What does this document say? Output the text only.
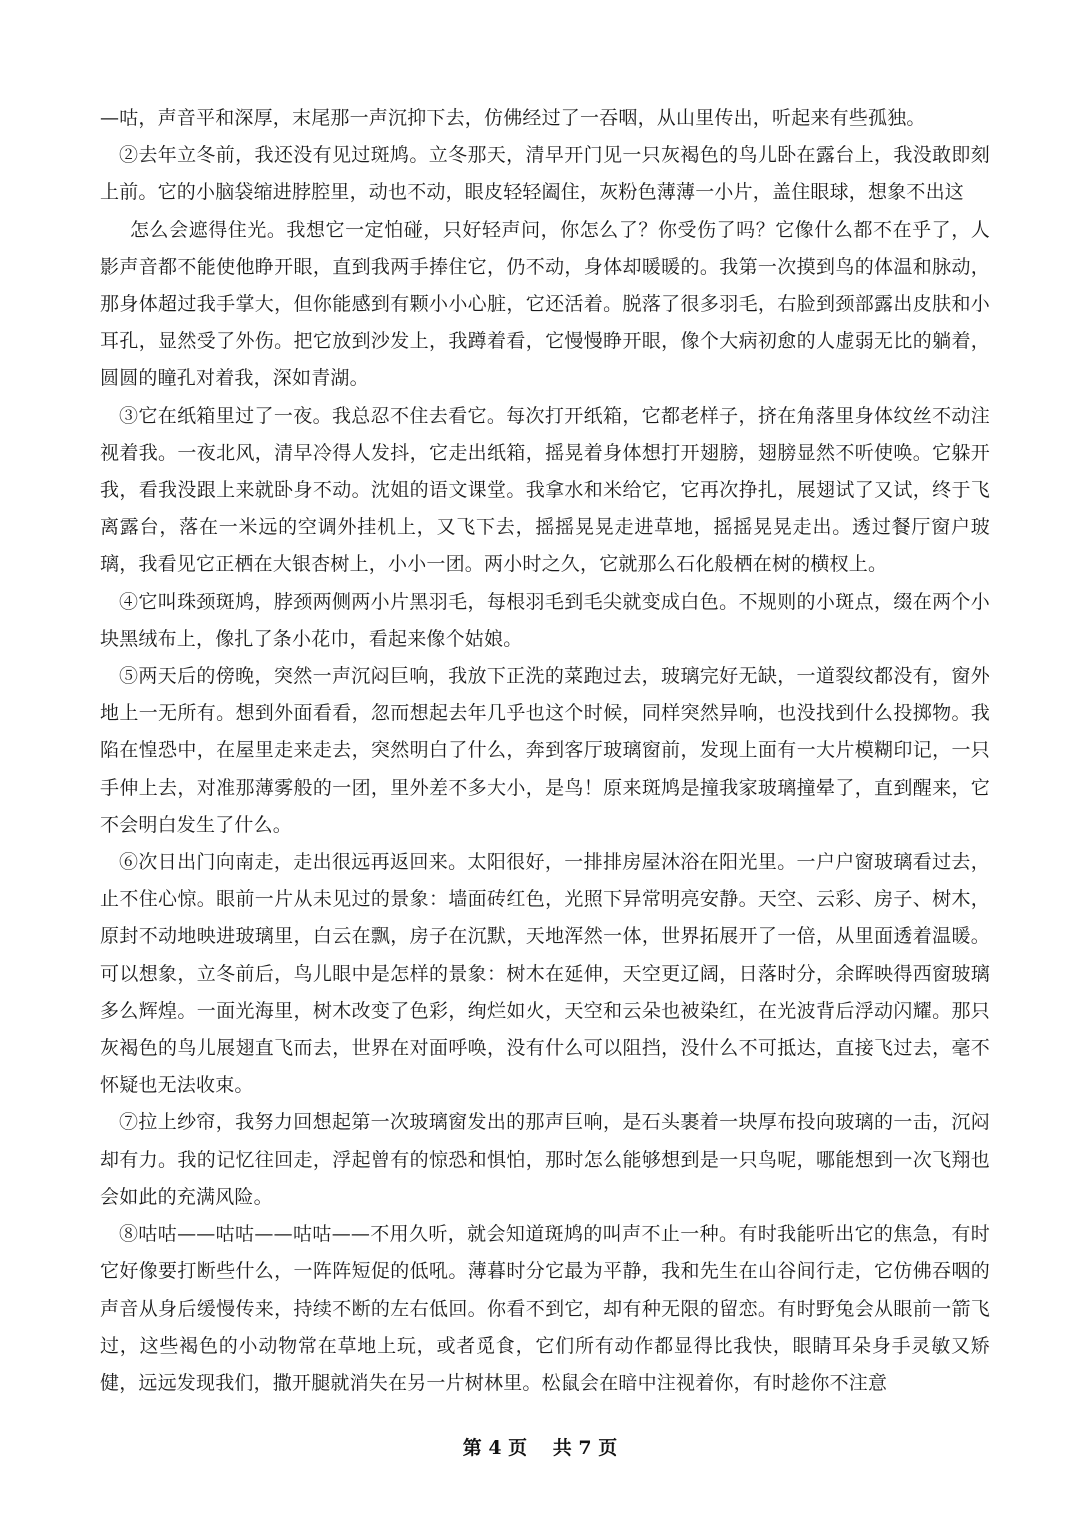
—咕，声音平和深厚，末尾那一声沉抑下去，仿佛经过了一吞咽，从山里传出，听起来有些孤独。

②去年立冬前，我还没有见过斑鸠。立冬那天，清早开门见一只灰褐色的鸟儿卧在露台上，我没敢即刻上前。它的小脑袋缩进脖腔里，动也不动，眼皮轻轻阖住，灰粉色薄薄一小片，盖住眼球，想象不出这

怎么会遮得住光。我想它一定怕碰，只好轻声问，你怎么了？你受伤了吗？它像什么都不在乎了，人影声音都不能使他睁开眼，直到我两手捧住它，仍不动，身体却暖暖的。我第一次摸到鸟的体温和脉动，那身体超过我手掌大，但你能感到有颗小小心脏，它还活着。脱落了很多羽毛，右脸到颈部露出皮肤和小耳孔，显然受了外伤。把它放到沙发上，我蹲着看，它慢慢睁开眼，像个大病初愈的人虚弱无比的躺着，圆圆的瞳孔对着我，深如青湖。

③它在纸箱里过了一夜。我总忍不住去看它。每次打开纸箱，它都老样子，挤在角落里身体纹丝不动注视着我。一夜北风，清早冷得人发抖，它走出纸箱，摇晃着身体想打开翅膀，翅膀显然不听使唤。它躲开我，看我没跟上来就卧身不动。沈姐的语文课堂。我拿水和米给它，它再次挣扎，展翅试了又试，终于飞离露台，落在一米远的空调外挂机上，又飞下去，摇摇晃晃走进草地，摇摇晃晃走出。透过餐厅窗户玻璃，我看见它正栖在大银杏树上，小小一团。两小时之久，它就那么石化般栖在树的横杈上。

④它叫珠颈斑鸠，脖颈两侧两小片黑羽毛，每根羽毛到毛尖就变成白色。不规则的小斑点，缀在两个小块黑绒布上，像扎了条小花巾，看起来像个姑娘。

⑤两天后的傍晚，突然一声沉闷巨响，我放下正洗的菜跑过去，玻璃完好无缺，一道裂纹都没有，窗外地上一无所有。想到外面看看，忽而想起去年几乎也这个时候，同样突然异响，也没找到什么投掷物。我陷在惶恐中，在屋里走来走去，突然明白了什么，奔到客厅玻璃窗前，发现上面有一大片模糊印记，一只手伸上去，对准那薄雾般的一团，里外差不多大小，是鸟！原来斑鸠是撞我家玻璃撞晕了，直到醒来，它不会明白发生了什么。

⑥次日出门向南走，走出很远再返回来。太阳很好，一排排房屋沐浴在阳光里。一户户窗玻璃看过去，止不住心惊。眼前一片从未见过的景象：墙面砖红色，光照下异常明亮安静。天空、云彩、房子、树木，原封不动地映进玻璃里，白云在飘，房子在沉默，天地浑然一体，世界拓展开了一倍，从里面透着温暖。可以想象，立冬前后，鸟儿眼中是怎样的景象：树木在延伸，天空更辽阔，日落时分，余晖映得西窗玻璃多么辉煌。一面光海里，树木改变了色彩，绚烂如火，天空和云朵也被染红，在光波背后浮动闪耀。那只灰褐色的鸟儿展翅直飞而去，世界在对面呼唤，没有什么可以阻挡，没什么不可抵达，直接飞过去，毫不怀疑也无法收束。

⑦拉上纱帘，我努力回想起第一次玻璃窗发出的那声巨响，是石头裹着一块厚布投向玻璃的一击，沉闷却有力。我的记忆往回走，浮起曾有的惊恐和惧怕，那时怎么能够想到是一只鸟呢，哪能想到一次飞翔也会如此的充满风险。

⑧咕咕——咕咕——咕咕——不用久听，就会知道斑鸠的叫声不止一种。有时我能听出它的焦急，有时它好像要打断些什么，一阵阵短促的低吼。薄暮时分它最为平静，我和先生在山谷间行走，它仿佛吞咽的声音从身后缓慢传来，持续不断的左右低回。你看不到它，却有种无限的留恋。有时野兔会从眼前一箭飞过，这些褐色的小动物常在草地上玩，或者觅食，它们所有动作都显得比我快，眼睛耳朵身手灵敏又矫健，远远发现我们，撒开腿就消失在另一片树林里。松鼠会在暗中注视着你，有时趁你不注意

第 4 页　 共 7 页
